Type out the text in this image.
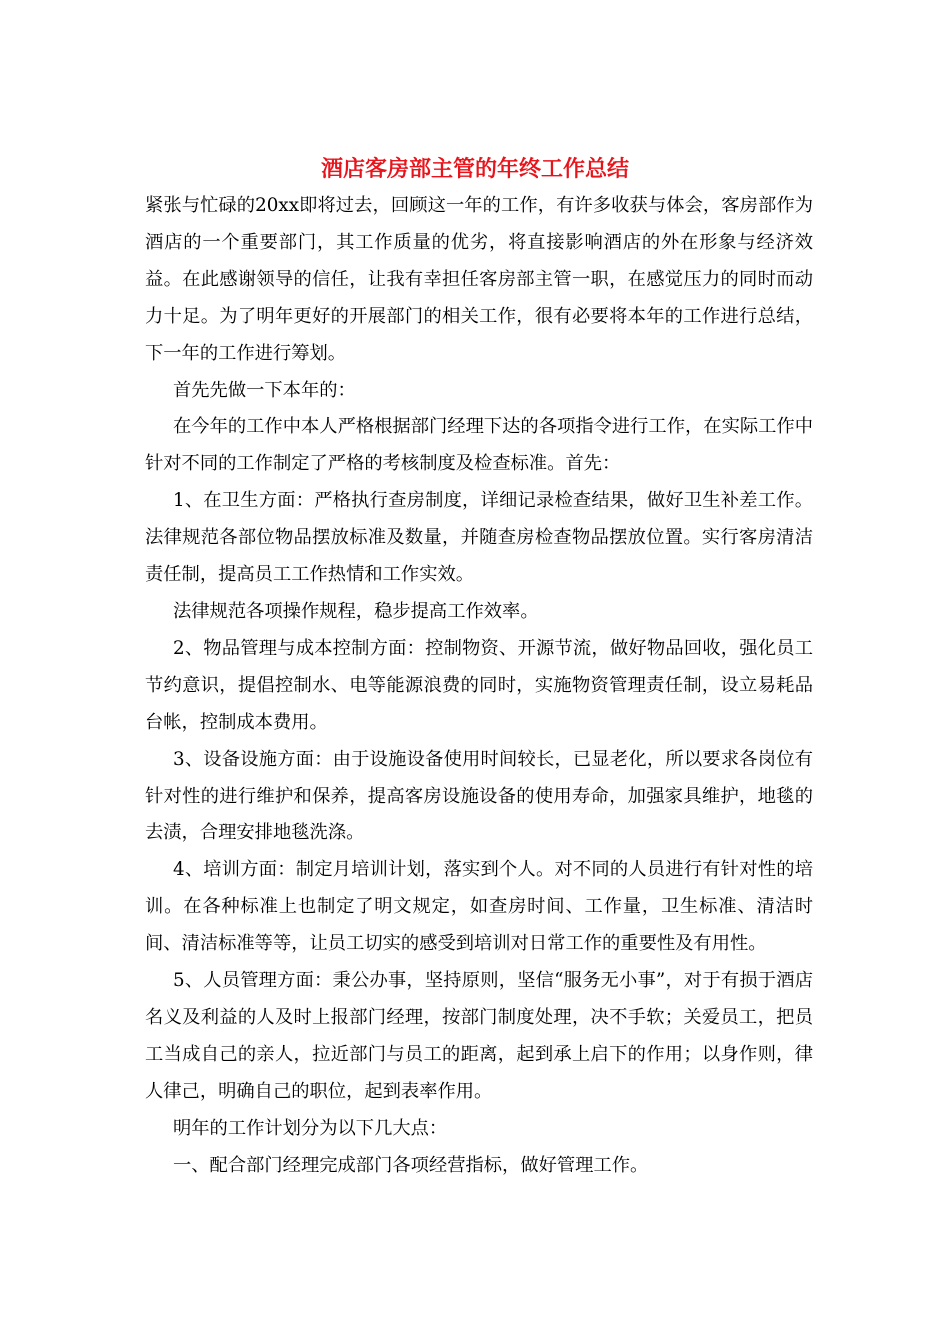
酒店客房部主管的年终工作总结

紧张与忙碌的20xx即将过去，回顾这一年的工作，有许多收获与体会，客房部作为酒店的一个重要部门，其工作质量的优劣，将直接影响酒店的外在形象与经济效益。在此感谢领导的信任，让我有幸担任客房部主管一职，在感觉压力的同时而动力十足。为了明年更好的开展部门的相关工作，很有必要将本年的工作进行总结，下一年的工作进行筹划。

首先先做一下本年的：

在今年的工作中本人严格根据部门经理下达的各项指令进行工作，在实际工作中针对不同的工作制定了严格的考核制度及检查标准。首先：

1、在卫生方面：严格执行查房制度，详细记录检查结果，做好卫生补差工作。法律规范各部位物品摆放标准及数量，并随查房检查物品摆放位置。实行客房清洁责任制，提高员工工作热情和工作实效。

法律规范各项操作规程，稳步提高工作效率。

2、物品管理与成本控制方面：控制物资、开源节流，做好物品回收，强化员工节约意识，提倡控制水、电等能源浪费的同时，实施物资管理责任制，设立易耗品台帐，控制成本费用。

3、设备设施方面：由于设施设备使用时间较长，已显老化，所以要求各岗位有针对性的进行维护和保养，提高客房设施设备的使用寿命，加强家具维护，地毯的去渍，合理安排地毯洗涤。

4、培训方面：制定月培训计划，落实到个人。对不同的人员进行有针对性的培训。在各种标准上也制定了明文规定，如查房时间、工作量，卫生标准、清洁时间、清洁标准等等，让员工切实的感受到培训对日常工作的重要性及有用性。

5、人员管理方面：秉公办事，坚持原则，坚信“服务无小事”，对于有损于酒店名义及利益的人及时上报部门经理，按部门制度处理，决不手软；关爱员工，把员工当成自己的亲人，拉近部门与员工的距离，起到承上启下的作用；以身作则，律人律己，明确自己的职位，起到表率作用。

明年的工作计划分为以下几大点：

一、配合部门经理完成部门各项经营指标，做好管理工作。
